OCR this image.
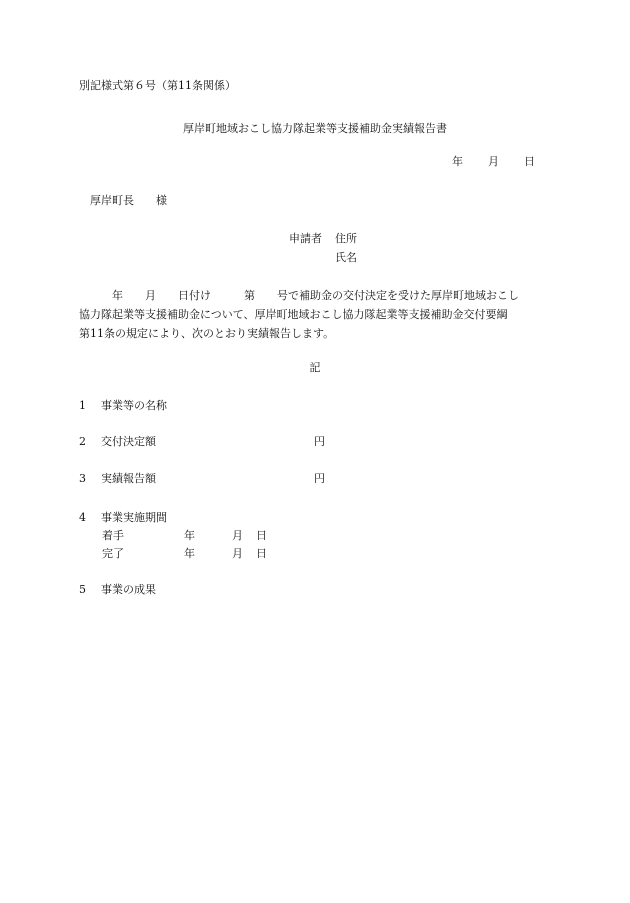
別記様式第６号（第11条関係）
厚岸町地域おこし協力隊起業等支援補助金実績報告書
年 月 日
厚岸町長　　様
申請者 住所
氏名
　　　年　　月　　日付け　　　第　　号で補助金の交付決定を受けた厚岸町地域おこし
協力隊起業等支援補助金について、厚岸町地域おこし協力隊起業等支援補助金交付要綱
第11条の規定により、次のとおり実績報告します。
記
1 事業等の名称
2 交付決定額	円
3 実績報告額	円
4 事業実施期間
着手	年	月 日
完了	年	月 日
5 事業の成果
